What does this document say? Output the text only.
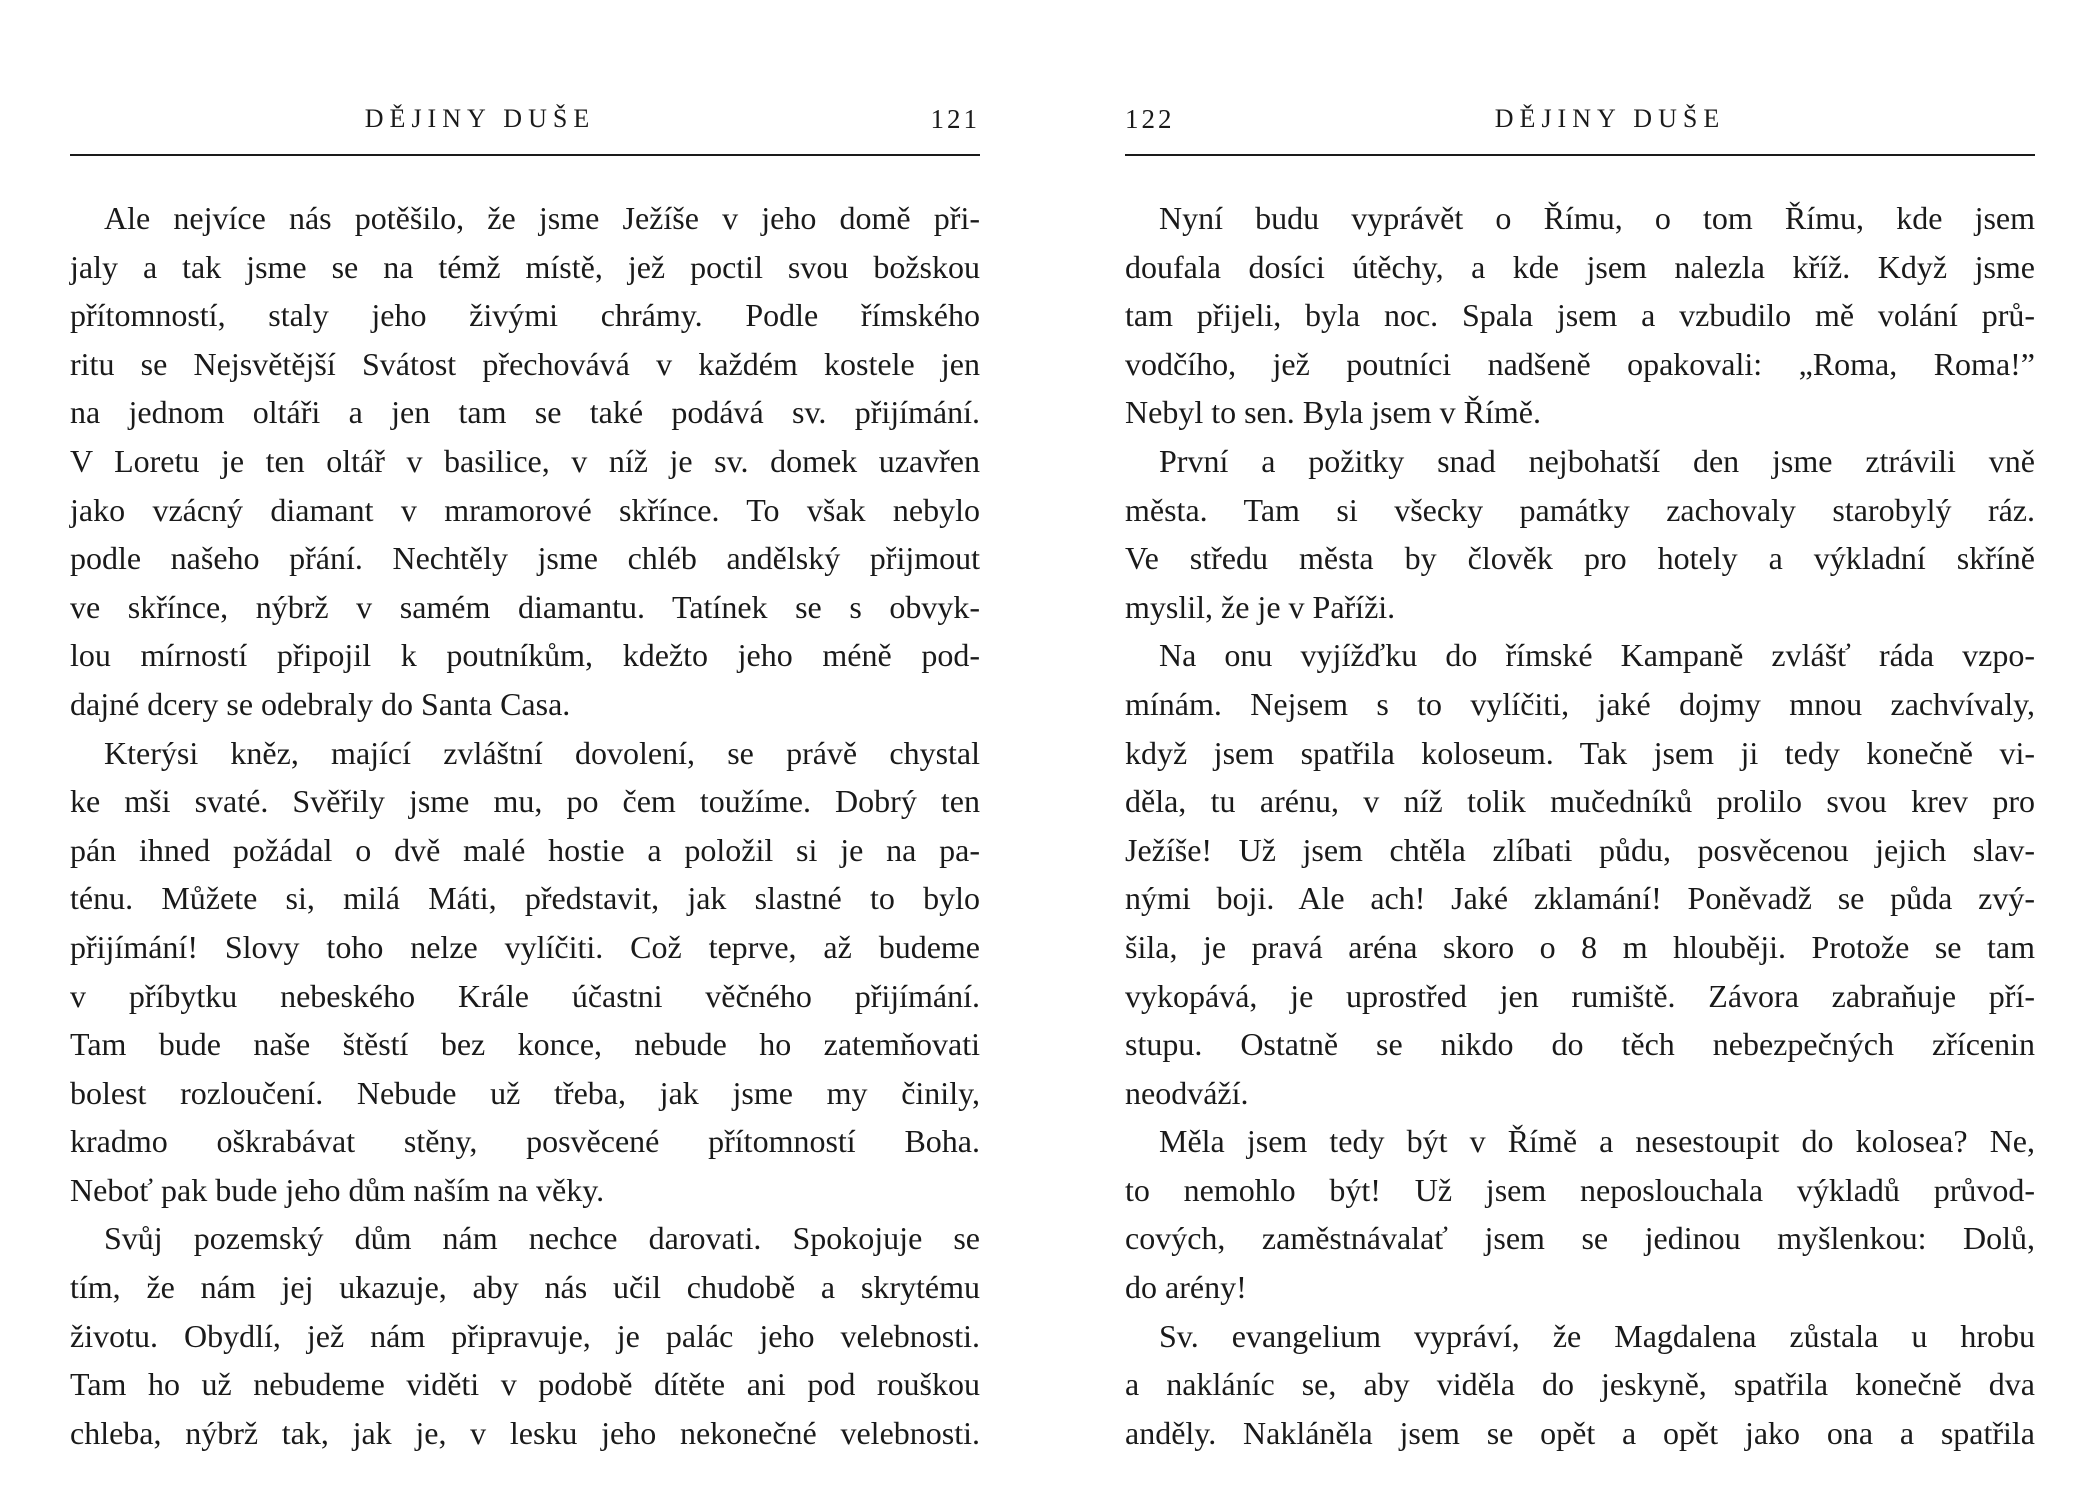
DĚJINY DUŠE	121
Ale nejvíce nás potěšilo, že jsme Ježíše v jeho domě při-
jaly a tak jsme se na témž místě, jež poctil svou božskou
přítomností, staly jeho živými chrámy. Podle římského
ritu se Nejsvětější Svátost přechovává v každém kostele jen
na jednom oltáři a jen tam se také podává sv. přijímání.
V Loretu je ten oltář v basilice, v níž je sv. domek uzavřen
jako vzácný diamant v mramorové skřínce. To však nebylo
podle našeho přání. Nechtěly jsme chléb andělský přijmout
ve skřínce, nýbrž v samém diamantu. Tatínek se s obvyk-
lou mírností připojil k poutníkům, kdežto jeho méně pod-
dajné dcery se odebraly do Santa Casa.
Kterýsi kněz, mající zvláštní dovolení, se právě chystal
ke mši svaté. Svěřily jsme mu, po čem toužíme. Dobrý ten
pán ihned požádal o dvě malé hostie a položil si je na pa-
ténu. Můžete si, milá Máti, představit, jak slastné to bylo
přijímání! Slovy toho nelze vylíčiti. Což teprve, až budeme
v příbytku nebeského Krále účastni věčného přijímání.
Tam bude naše štěstí bez konce, nebude ho zatemňovati
bolest rozloučení. Nebude už třeba, jak jsme my činily,
kradmo oškrabávat stěny, posvěcené přítomností Boha.
Neboť pak bude jeho dům naším na věky.
Svůj pozemský dům nám nechce darovati. Spokojuje se
tím, že nám jej ukazuje, aby nás učil chudobě a skrytému
životu. Obydlí, jež nám připravuje, je palác jeho velebnosti.
Tam ho už nebudeme viděti v podobě dítěte ani pod rouškou
chleba, nýbrž tak, jak je, v lesku jeho nekonečné velebnosti.
122	DĚJINY DUŠE
Nyní budu vyprávět o Římu, o tom Římu, kde jsem
doufala dosíci útěchy, a kde jsem nalezla kříž. Když jsme
tam přijeli, byla noc. Spala jsem a vzbudilo mě volání prů-
vodčího, jež poutníci nadšeně opakovali: „Roma, Roma!”
Nebyl to sen. Byla jsem v Římě.
První a požitky snad nejbohatší den jsme ztrávili vně
města. Tam si všecky památky zachovaly starobylý ráz.
Ve středu města by člověk pro hotely a výkladní skříně
myslil, že je v Paříži.
Na onu vyjížďku do římské Kampaně zvlášť ráda vzpo-
mínám. Nejsem s to vylíčiti, jaké dojmy mnou zachvívaly,
když jsem spatřila koloseum. Tak jsem ji tedy konečně vi-
děla, tu arénu, v níž tolik mučedníků prolilo svou krev pro
Ježíše! Už jsem chtěla zlíbati půdu, posvěcenou jejich slav-
nými boji. Ale ach! Jaké zklamání! Poněvadž se půda zvý-
šila, je pravá aréna skoro o 8 m hlouběji. Protože se tam
vykopává, je uprostřed jen rumiště. Závora zabraňuje pří-
stupu. Ostatně se nikdo do těch nebezpečných zřícenin
neodváží.
Měla jsem tedy být v Římě a nesestoupit do kolosea? Ne,
to nemohlo být! Už jsem neposlouchala výkladů průvod-
cových, zaměstnávalať jsem se jedinou myšlenkou: Dolů,
do arény!
Sv. evangelium vypráví, že Magdalena zůstala u hrobu
a nakláníc se, aby viděla do jeskyně, spatřila konečně dva
anděly. Nakláněla jsem se opět a opět jako ona a spatřila
